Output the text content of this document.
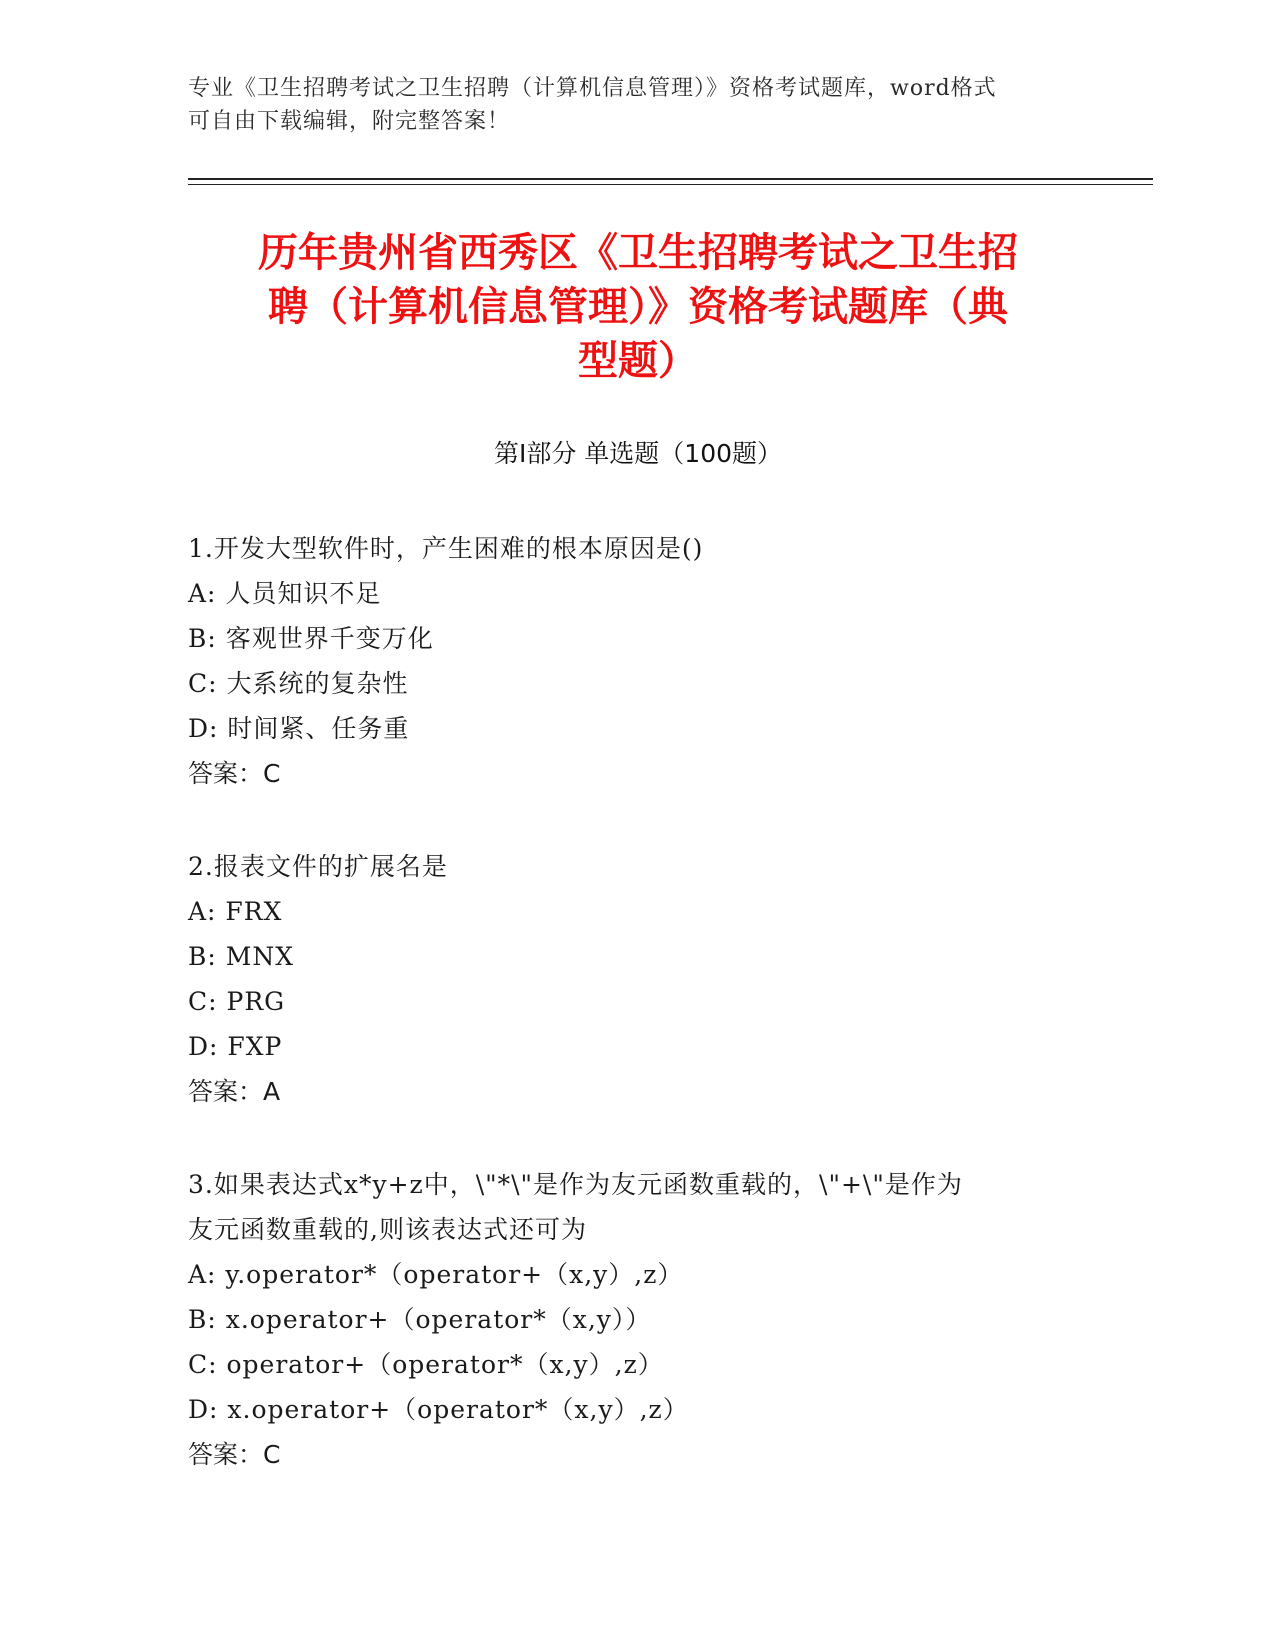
专业《卫生招聘考试之卫生招聘（计算机信息管理）》资格考试题库，word格式
可自由下载编辑，附完整答案！
历年贵州省西秀区《卫生招聘考试之卫生招
聘（计算机信息管理）》资格考试题库（典
型题）
第Ⅰ部分 单选题（100题）
1.开发大型软件时，产生困难的根本原因是()
A: 人员知识不足
B: 客观世界千变万化
C: 大系统的复杂性
D: 时间紧、任务重
答案：C
2.报表文件的扩展名是
A: FRX
B: MNX
C: PRG
D: FXP
答案：A
3.如果表达式x*y+z中，\"*\"是作为友元函数重载的，\"+\"是作为
友元函数重载的,则该表达式还可为
A: y.operator*（operator+（x,y）,z）
B: x.operator+（operator*（x,y））
C: operator+（operator*（x,y）,z）
D: x.operator+（operator*（x,y）,z）
答案：C
